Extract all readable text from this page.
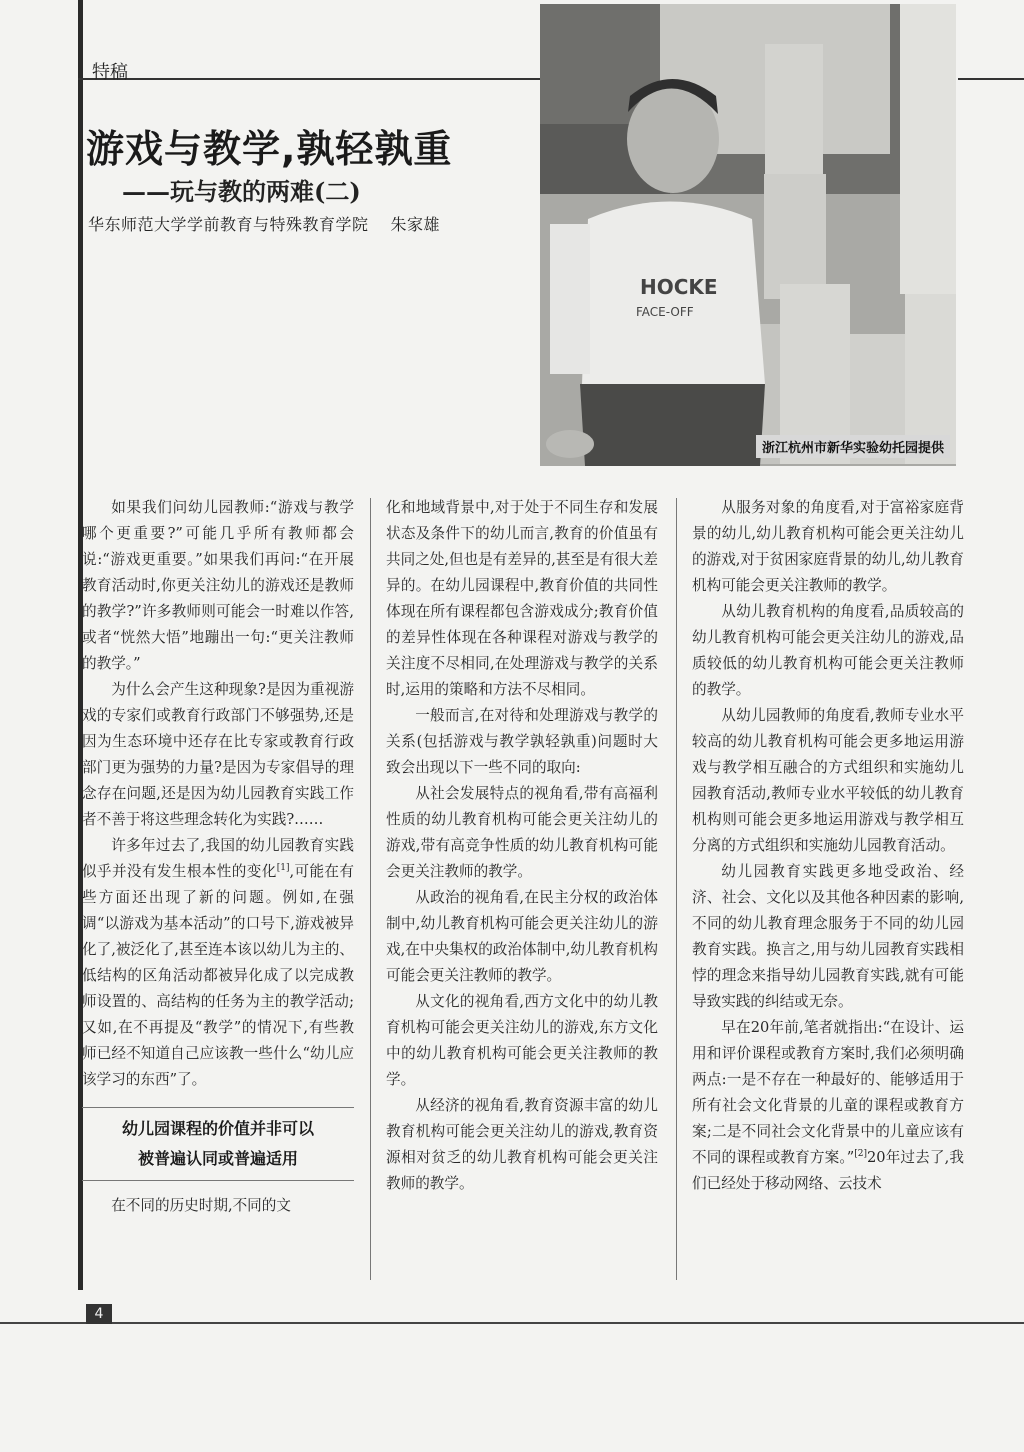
特稿
游戏与教学,孰轻孰重
——玩与教的两难(二)
华东师范大学学前教育与特殊教育学院 朱家雄
HOCKE
FACE-OFF
浙江杭州市新华实验幼托园提供

如果我们问幼儿园教师:“游戏与教学哪个更重要?”可能几乎所有教师都会说:“游戏更重要。”如果我们再问:“在开展教育活动时,你更关注幼儿的游戏还是教师的教学?”许多教师则可能会一时难以作答,或者“恍然大悟”地蹦出一句:“更关注教师的教学。”

为什么会产生这种现象?是因为重视游戏的专家们或教育行政部门不够强势,还是因为生态环境中还存在比专家或教育行政部门更为强势的力量?是因为专家倡导的理念存在问题,还是因为幼儿园教育实践工作者不善于将这些理念转化为实践?……

许多年过去了,我国的幼儿园教育实践似乎并没有发生根本性的变化[1],可能在有些方面还出现了新的问题。例如,在强调“以游戏为基本活动”的口号下,游戏被异化了,被泛化了,甚至连本该以幼儿为主的、低结构的区角活动都被异化成了以完成教师设置的、高结构的任务为主的教学活动;又如,在不再提及“教学”的情况下,有些教师已经不知道自己应该教一些什么“幼儿应该学习的东西”了。

幼儿园课程的价值并非可以
被普遍认同或普遍适用

在不同的历史时期,不同的文

化和地域背景中,对于处于不同生存和发展状态及条件下的幼儿而言,教育的价值虽有共同之处,但也是有差异的,甚至是有很大差异的。在幼儿园课程中,教育价值的共同性体现在所有课程都包含游戏成分;教育价值的差异性体现在各种课程对游戏与教学的关注度不尽相同,在处理游戏与教学的关系时,运用的策略和方法不尽相同。

一般而言,在对待和处理游戏与教学的关系(包括游戏与教学孰轻孰重)问题时大致会出现以下一些不同的取向:

从社会发展特点的视角看,带有高福利性质的幼儿教育机构可能会更关注幼儿的游戏,带有高竞争性质的幼儿教育机构可能会更关注教师的教学。

从政治的视角看,在民主分权的政治体制中,幼儿教育机构可能会更关注幼儿的游戏,在中央集权的政治体制中,幼儿教育机构可能会更关注教师的教学。

从文化的视角看,西方文化中的幼儿教育机构可能会更关注幼儿的游戏,东方文化中的幼儿教育机构可能会更关注教师的教学。

从经济的视角看,教育资源丰富的幼儿教育机构可能会更关注幼儿的游戏,教育资源相对贫乏的幼儿教育机构可能会更关注教师的教学。

从服务对象的角度看,对于富裕家庭背景的幼儿,幼儿教育机构可能会更关注幼儿的游戏,对于贫困家庭背景的幼儿,幼儿教育机构可能会更关注教师的教学。

从幼儿教育机构的角度看,品质较高的幼儿教育机构可能会更关注幼儿的游戏,品质较低的幼儿教育机构可能会更关注教师的教学。

从幼儿园教师的角度看,教师专业水平较高的幼儿教育机构可能会更多地运用游戏与教学相互融合的方式组织和实施幼儿园教育活动,教师专业水平较低的幼儿教育机构则可能会更多地运用游戏与教学相互分离的方式组织和实施幼儿园教育活动。

幼儿园教育实践更多地受政治、经济、社会、文化以及其他各种因素的影响,不同的幼儿教育理念服务于不同的幼儿园教育实践。换言之,用与幼儿园教育实践相悖的理念来指导幼儿园教育实践,就有可能导致实践的纠结或无奈。

早在20年前,笔者就指出:“在设计、运用和评价课程或教育方案时,我们必须明确两点:一是不存在一种最好的、能够适用于所有社会文化背景的儿童的课程或教育方案;二是不同社会文化背景中的儿童应该有不同的课程或教育方案。”[2]20年过去了,我们已经处于移动网络、云技术

4
